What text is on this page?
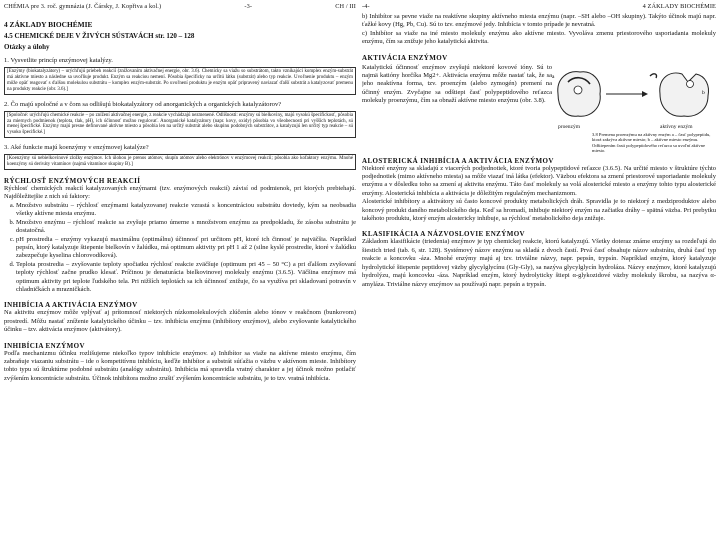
CHÉMIA pre 3. roč. gymnázia (J. Čársky, J. Kopřiva a kol.)	-3-	CH / III
4 ZÁKLADY BIOCHÉMIE
4.5 CHEMICKÉ DEJE V ŽIVÝCH SÚSTAVÁCH str. 120 – 128
Otázky a úlohy
1. Vysvetlite princíp enzýmovej katalýzy.

[Enzýmy (biokatalyzátory) – urýchľujú priebeh reakcií (znižovaním aktivačnej energie, obr. 3.6). Chemicky sa viažu so substrátom, takto vznikajúci komplex enzým-substrát má aktívne miesto a následne sa uvoľňuje produkt. Enzým sa reakciou nemení. Pôsobia špecificky na určitú látku (substrát) alebo typ reakcie. Uvoľnenie produktu – enzým môže opäť reagovať s ďalšou molekulou substrátu – komplex enzým-substrát. Po uvoľnení produktu je enzým opäť pripravený naviazať ďalší substrát a katalyzovať premenu na produkty reakcie (obr. 3.6).]

2. Čo majú spoločné a v čom sa odlišujú biokatalyzátory od anorganických a organických katalyzátorov?

[Spoločné: urýchľujú chemické reakcie – po znížení aktivačnej energie, z reakcie vychádzajú nezmenené. Odlišnosti: enzýmy sú bielkoviny, majú vysokú špecifickosť, pôsobia za miernych podmienok (teplota, tlak, pH), ich účinnosť možno regulovať. Anorganické katalyzátory (napr. kovy, oxidy) pôsobia vo všeobecnosti pri vyšších teplotách, sú menej špecifické. Enzýmy majú presne definované aktívne miesto a pôsobia len na určitý substrát alebo skupinu podobných substrátov, a katalyzujú len určitý typ reakcie – sú vysoko špecifické.]

3. Aké funkcie majú koenzýmy v enzýmovej katalýze?

[Koenzýmy sú nebielkovinové zložky enzýmov. Ich úlohou je prenos atómov, skupín atómov alebo elektrónov v enzýmovej reakcii; pôsobia ako kofaktory enzýmu. Mnohé koenzýmy sú deriváty vitamínov (najmä vitamínov skupiny B).]

RÝCHLOSŤ ENZÝMOVÝCH REAKCIÍ

Rýchlosť chemických reakcií katalyzovaných enzýmami (tzv. enzýmových reakcií) závisí od podmienok, pri ktorých prebiehajú. Najdôležitejšie z nich sú faktory:

a. Množstvo substrátu – rýchlosť enzýmami katalyzovanej reakcie vzrastá s koncentráciou substrátu dovtedy, kým sa neobsadia všetky aktívne miesta enzýmu.
b. Množstvo enzýmu – rýchlosť reakcie sa zvyšuje priamo úmerne s množstvom enzýmu za predpokladu, že zásoba substrátu je dostatočná.
c. pH prostredia – enzýmy vykazujú maximálnu (optimálnu) účinnosť pri určitom pH, ktoré ich činnosť je najväčšia. Napríklad pepsín, ktorý katalyzuje štiepenie bielkovín v žalúdku, má optimum aktivity pri pH 1 až 2 (silne kyslé prostredie, ktoré v žalúdku zabezpečuje kyselina chlorovodíková).
d. Teplota prostredia – zvyšovanie teploty spočiatku rýchlosť reakcie zväčšuje (optimum pri 45 – 50 °C) a pri ďalšom zvyšovaní teploty rýchlosť začne prudko klesať. Príčinou je denaturácia bielkovinovej molekuly enzýmu (3.6.5). Väčšina enzýmov má optimum aktivity pri teplote ľudského tela. Pri nižších teplotách sa ich účinnosť znižuje, čo sa využíva pri skladovaní potravín v chladničkách a mrazničkách.
INHIBÍCIA A AKTIVÁCIA ENZÝMOV

Na aktivitu enzýmov môže vplývať aj prítomnosť niektorých nízkomolekulových zlúčenín alebo iónov v reakčnom (bunkovom) prostredí. Môžu nastať zníženie katalytického účinku – tzv. inhibícia enzýmu (inhibítory enzýmov), alebo zvyšovanie katalytického účinku – tzv. aktivácia enzýmov (aktivátory).

INHIBÍCIA ENZÝMOV

Podľa mechanizmu účinku rozlišujeme niekoľko typov inhibície enzýmov. a) Inhibítor sa viaže na aktívne miesto enzýmu, čím zabraňuje viazaniu substrátu – ide o kompetitívnu inhibíciu, keďže inhibítor a substrát súťažia o väzbu v aktívnom mieste. Inhibítory tohto typu sú štruktúrne podobné substrátu (analógy substrátu). Inhibícia má spravidla vratný charakter a jej účinok možno potlačiť zvýšením koncentrácie substrátu. Účinok inhibítora možno zrušiť zvýšením koncentrácie substrátu, je to tzv. vratná inhibícia.

-4-	4 ZÁKLADY BIOCHÉMIE

b) Inhibítor sa pevne viaže na reaktívne skupiny aktívneho miesta enzýmu (napr. –SH alebo –OH skupiny). Takýto účinok majú napr. ťažké kovy (Hg, Pb, Cu). Sú to tzv. enzýmové jedy. Inhibícia v tomto prípade je nevratná.

c) Inhibítor sa viaže na iné miesto molekuly enzýmu ako aktívne miesto. Vyvoláva zmenu priestorového usporiadania molekuly enzýmu, čím sa znižuje jeho katalytická aktivita.

AKTIVÁCIA ENZÝMOV

Katalytickú účinnosť enzýmov zvyšujú niektoré kovové ióny. Sú to najmä katióny horčíka Mg2+. Aktivácia enzýmu môže nastať tak, že sa jeho neaktívna forma, tzv. proenzým (alebo zymogén) premení na účinný enzým. Zvyčajne sa odštiepi časť polypeptidového reťazca molekuly proenzýmu, čím sa obnaží aktívne miesto enzýmu (obr. 3.8).

a
b
proenzým	aktívny enzým
3.8 Premena proenzýmu na aktívny enzým a – časť polypeptidu, ktorá zakrýva aktívne miesto; b – aktívne miesto enzýmu. Odštiepením časti polypeptidového reťazca sa uvoľní aktívne miesto.
ALOSTERICKÁ INHIBÍCIA A AKTIVÁCIA ENZÝMOV

Niektoré enzýmy sa skladajú z viacerých podjednotiek, ktoré tvoria polypeptidové reťazce (3.6.5). Na určité miesto v štruktúre týchto podjednotiek (mimo aktívneho miesta) sa môže viazať iná látka (efektor). Väzbou efektora sa zmení priestorové usporiadanie molekuly enzýmu a v dôsledku toho sa zmení aj aktivita enzýmu. Táto časť molekuly sa volá alosterické miesto a enzýmy tohto typu alosterické enzýmy. Alosterická inhibícia a aktivácia je dôležitým regulačným mechanizmom.

Alosterické inhibítory a aktivátory sú často koncové produkty metabolických dráh. Spravidla je to niektorý z medziproduktov alebo koncový produkt daného metabolického deja. Keď sa hromadí, inhibuje niektorý enzým na začiatku dráhy – spätná väzba. Pri prebytku takéhoto produktu, ktorý enzým alostericky inhibuje, sa rýchlosť metabolického deja znižuje.

KLASIFIKÁCIA A NÁZVOSLOVIE ENZÝMOV

Základom klasifikácie (triedenia) enzýmov je typ chemickej reakcie, ktorú katalyzujú. Všetky doteraz známe enzýmy sa rozdeľujú do šiestich tried (tab. 6, str. 128). Systémový názov enzýmu sa skladá z dvoch častí. Prvá časť obsahuje názov substrátu, druhá časť typ reakcie a koncovku -áza. Mnohé enzýmy majú aj tzv. triviálne názvy, napr. pepsín, trypsín. Napríklad enzým, ktorý katalyzuje hydrolytické štiepenie peptidovej väzby glycylglycínu (Gly-Gly), sa nazýva glycylglycín hydroláza. Názvy enzýmov, ktoré katalyzujú hydrolýzu, majú koncovku -áza. Napríklad enzým, ktorý hydrolyticky štiepi α-glykozidové väzby molekuly škrobu, sa nazýva α-amyláza. Triviálne názvy enzýmov sa používajú napr. pepsín a trypsín.
